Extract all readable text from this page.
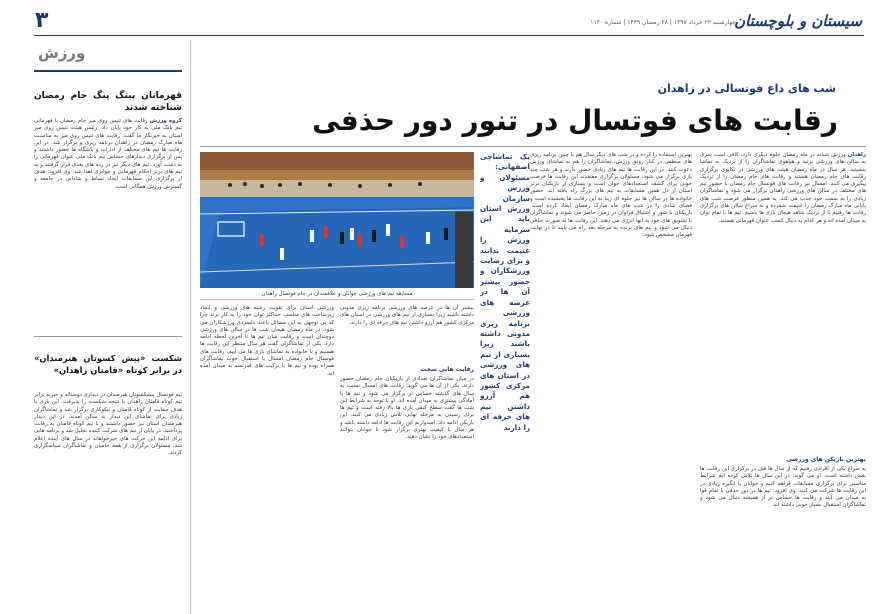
سیستان و بلوچستان
چهارشنبه ۲۳ خرداد ۱۳۹۷ | ۲۸ رمضان ۱۴۳۹ | شماره ۱۱۴۰
۳
ورزش
شب های داغ فوتسالی در زاهدان
رقابت های فوتسال در تنور دور حذفی
زاهدان ورزش شبانه در ماه رمضان جلوه دیگری دارد، کافی است سری به سالن های ورزشی بزنید و هیاهوی تماشاگران را از نزدیک به تماشا بنشینید. هر سال در ماه رمضان هیئت های ورزشی در تکاپوی برگزاری رقابت های جام رمضان هستند و رقابت های جام رمضان را از نزدیک پیگیری می کنند. امسال نیز رقابت های فوتسال جام رمضان با حضور تیم های مختلف در سالن های ورزشی زاهدان برگزار می شود و تماشاگران زیادی را به سمت خود جذب می کند. به همین منظور فرصت شب های پایانی ماه مبارک رمضان را غنیمت شمرده و به سراغ سالن های برگزاری رقابت ها رفتیم تا از نزدیک شاهد هیجان بازی ها باشیم. تیم ها با تمام توان به میدان آمده اند و هر کدام به دنبال کسب عنوان قهرمانی هستند.
بهترین بازیکن های ورزشی
به سراغ یکی از افرادی رفتیم که از سال ها قبل در برگزاری این رقابت ها نقش داشته است. او می گوید: در این سال ها تلاش کرده ایم شرایط مناسبی برای برگزاری مسابقات فراهم کنیم و جوانان با انگیزه زیادی در این رقابت ها شرکت می کنند. وی افزود: تیم ها در دور حذفی با تمام قوا به میدان می آیند و رقابت ها حساس تر از همیشه دنبال می شود و تماشاگران استقبال بسیار خوبی داشته اند.
بهترین استفاده را کرده و در شب های دیگر سال هم با چنین برنامه ریزی های منظمی در کنار رونق ورزش، تماشاگران را هم به تماشای ورزش دعوت کنند. در این رقابت ها تیم های زیادی حضور دارند و هر شب چند بازی برگزار می شود. مسئولان برگزاری معتقدند این رقابت ها فرصت خوبی برای کشف استعدادهای جوان است و بسیاری از بازیکنان برتر استان از دل همین مسابقات به تیم های بزرگ راه یافته اند. حضور خانواده ها در سالن ها نیز جلوه ای زیبا به این رقابت ها بخشیده است و فضای شادی را در شب های ماه مبارک رمضان ایجاد کرده است. بازیکنان با شور و اشتیاق فراوان در زمین حاضر می شوند و تماشاگران با تشویق های خود به آنها انرژی می دهند. این رقابت ها به صورت حذفی دنبال می شود و تیم های برنده به مرحله بعد راه می یابند تا در نهایت قهرمان مشخص شود.
یک تماشاچی اصفهانی: مسئولان و ورزش سازمان ورزش استان باید این سرمایه ورزش را غنیمت بدانند و برای رضایت ورزشکاران و حضور بیشتر آن ها در عرصه های ورزشی برنامه ریزی مدونی داشته باشند زیرا بسیاری از تیم های ورزشی در استان های مرکزی کشور هم آرزو داشتن تیم های حرفه ای را دارند
مسابقه تیم های ورزشی جوانان و علاقمندان در جام فوتسال زاهدان
بیشتر آن ها در عرصه های ورزشی برنامه ریزی مدونی داشته باشند زیرا بسیاری از تیم های ورزشی در استان های مرکزی کشور هم آرزو داشتن تیم های حرفه ای را دارند.
رقابت هایی سخت
در میان تماشاگران تعدادی از بازیکنان جام رمضان حضور دارند. یکی از آن ها می گوید: رقابت های امسال نسبت به سال های گذشته حساس تر برگزار می شود و تیم ها با آمادگی بیشتری به میدان آمده اند. او با توجه به شرایط این شب ها گفت سطح کیفی بازی ها بالا رفته است و تیم ها برای رسیدن به مرحله نهایی تلاش زیادی می کنند. این بازیکن ادامه داد: امیدواریم این رقابت ها ادامه داشته باشد و هر سال با کیفیت بهتری برگزار شود تا جوانان بتوانند استعدادهای خود را نشان دهند.
ورزشی استان برای تقویت رشته های ورزشی و ایجاد زیرساخت های مناسب حداکثر توان خود را به کار برند چرا که بی توجهی به این مسائل باعث دلسردی ورزشکاران می شود. در ماه رمضان هیجان شب ها در سالن های ورزشی دوچندان است و رقابت میان تیم ها تا آخرین لحظه ادامه دارد. یکی از تماشاگران گفت هر سال منتظر این رقابت ها هستیم و با خانواده به تماشای بازی ها می آییم. رقابت های فوتسال جام رمضان امسال با استقبال خوب تماشاگران همراه بوده و تیم ها با ترکیب های قدرتمند به میدان آمده اند.
قهرمانان پینگ پنگ جام رمضان شناخته شدند
گروه ورزش رقابت های تنیس روی میز جام رمضان با قهرمانی تیم بانک ملی به کار خود پایان داد. رئیس هیئت تنیس روی میز استان به خبرنگار ما گفت: رقابت های تنیس روی میز به مناسبت ماه مبارک رمضان در زاهدان برنامه ریزی و برگزار شد. در این رقابت ها تیم های مختلف از ادارات و باشگاه ها حضور داشتند و پس از برگزاری دیدارهای حساس تیم بانک ملی عنوان قهرمانی را به دست آورد. تیم های دیگر نیز در رده های بعدی قرار گرفتند و به تیم های برتر احکام قهرمانی و جوایزی اهدا شد. وی افزود: هدف از برگزاری این مسابقات ایجاد نشاط و شادابی در جامعه و گسترش ورزش همگانی است.
شکست «پیش کسوتان هنرمندان» در برابر کوتاه «قامتان زاهدان»
تیم فوتسال پیشکسوتان هنرمندان در دیداری دوستانه و خیریه برابر تیم کوتاه قامتان زاهدان با نتیجه شکست را پذیرفت. این بازی با هدف حمایت از کوتاه قامتان و نیکوکاری برگزار شد و تماشاگران زیادی برای تماشای این دیدار به سالن آمدند. در این دیدار هنرمندان استان نیز حضور داشتند و با تیم کوتاه قامتان به رقابت پرداختند. در پایان از تیم های شرکت کننده تجلیل شد و برنامه هایی برای ادامه این حرکت های خیرخواهانه در سال های آینده اعلام شد. مسئولان برگزاری از همه حامیان و تماشاگران سپاسگزاری کردند.
